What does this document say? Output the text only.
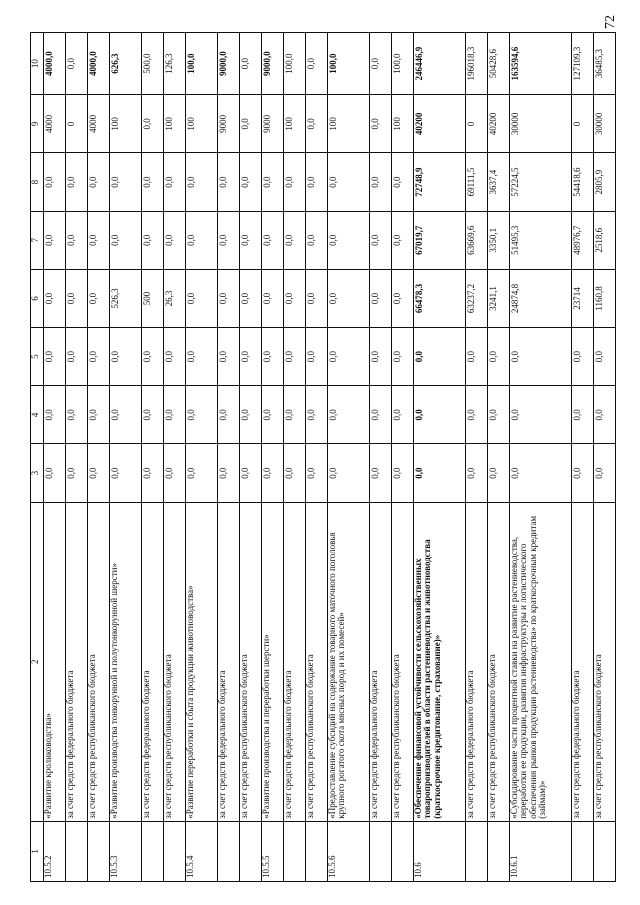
72
1	2	3	4	5	6	7	8	9	10
10.5.2	«Развитие кролиководства»	0,0	0,0	0,0	0,0	0,0	0,0	4000	4000,0
	за счет средств федерального бюджета	0,0	0,0	0,0	0,0	0,0	0,0	0	0,0
	за счет средств республиканского бюджета	0,0	0,0	0,0	0,0	0,0	0,0	4000	4000,0
10.5.3	«Развитие производства тонкорунной и полутонкорунной шерсти»	0,0	0,0	0,0	526,3	0,0	0,0	100	626,3
	за счет средств федерального бюджета	0,0	0,0	0,0	500	0,0	0,0	0,0	500,0
	за счет средств республиканского бюджета	0,0	0,0	0,0	26,3	0,0	0,0	100	126,3
10.5.4	«Развитие переработки и сбыта продукции животноводства»	0,0	0,0	0,0	0,0	0,0	0,0	100	100,0
	за счет средств федерального бюджета	0,0	0,0	0,0	0,0	0,0	0,0	9000	9000,0
	за счет средств республиканского бюджета	0,0	0,0	0,0	0,0	0,0	0,0	0,0	0,0
10.5.5	«Развитие производства и переработки шерсти»	0,0	0,0	0,0	0,0	0,0	0,0	9000	9000,0
	за счет средств федерального бюджета	0,0	0,0	0,0	0,0	0,0	0,0	100	100,0
	за счет средств республиканского бюджета	0,0	0,0	0,0	0,0	0,0	0,0	0,0	0,0
10.5.6	«Предоставление субсидий на содержание товарного маточного поголовья крупного рогатого скота мясных пород и их помесей»	0,0	0,0	0,0	0,0	0,0	0,0	100	100,0
	за счет средств федерального бюджета	0,0	0,0	0,0	0,0	0,0	0,0	0,0	0,0
	за счет средств республиканского бюджета	0,0	0,0	0,0	0,0	0,0	0,0	100	100,0
10.6	«Обеспечение финансовой устойчивости сельскохозяйственных товаропроизводителей в области растениеводства и животноводства (краткосрочное кредитование, страхование)»	0,0	0,0	0,0	66478,3	67019,7	72748,9	40200	246446,9
	за счет средств федерального бюджета	0,0	0,0	0,0	63237,2	63669,6	69111,5	0	196018,3
	за счет средств республиканского бюджета	0,0	0,0	0,0	3241,1	3350,1	3637,4	40200	50428,6
10.6.1	«Субсидирование части процентной ставки на развитие растениеводства, переработки ее продукции, развития инфраструктуры и логистического обеспечения рынков продукции растениеводства» по краткосрочным кредитам (займам)»	0,0	0,0	0,0	24874,8	51495,3	57224,5	30000	163594,6
	за счет средств федерального бюджета	0,0	0,0	0,0	23714	48976,7	54418,6	0	127109,3
	за счет средств республиканского бюджета	0,0	0,0	0,0	1160,8	2518,6	2805,9	30000	36485,3
